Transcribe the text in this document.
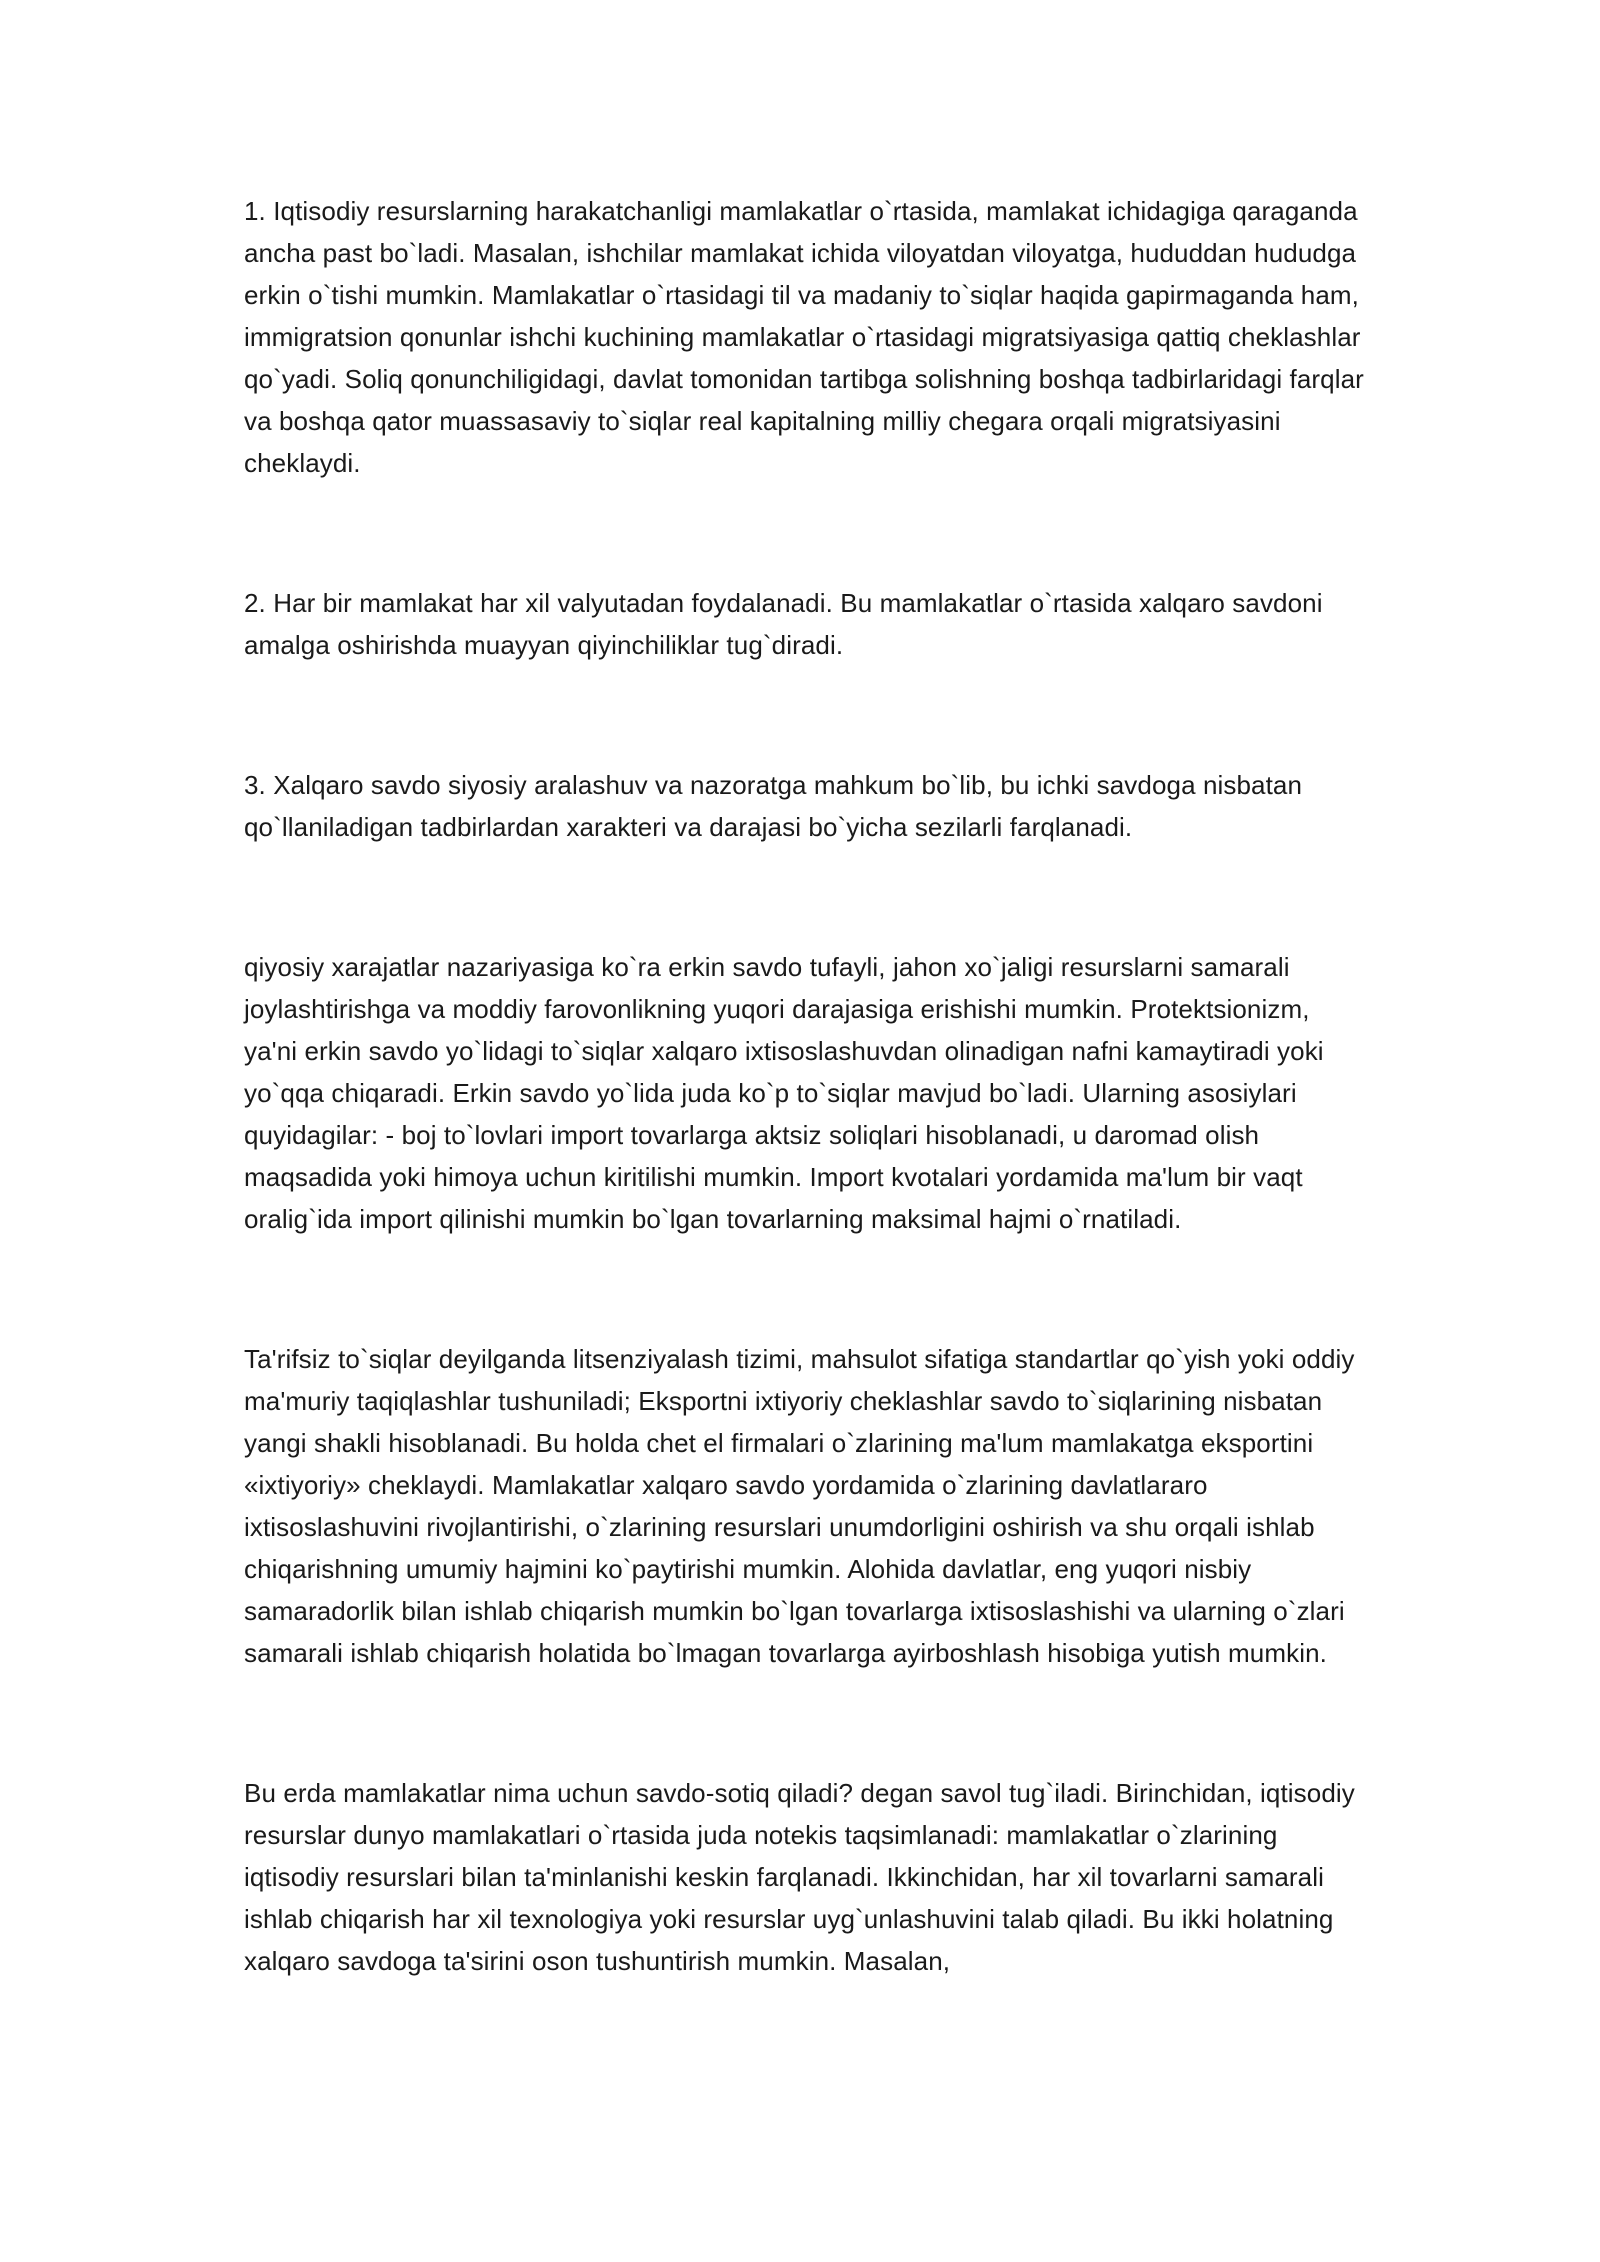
1. Iqtisodiy resurslarning harakatchanligi mamlakatlar o`rtasida, mamlakat ichidagiga qaraganda ancha past bo`ladi. Masalan, ishchilar mamlakat ichida viloyatdan viloyatga, hududdan hududga erkin o`tishi mumkin. Mamlakatlar o`rtasidagi til va madaniy to`siqlar haqida gapirmaganda ham, immigratsion qonunlar ishchi kuchining mamlakatlar o`rtasidagi migratsiyasiga qattiq cheklashlar qo`yadi. Soliq qonunchiligidagi, davlat tomonidan tartibga solishning boshqa tadbirlaridagi farqlar va boshqa qator muassasaviy to`siqlar real kapitalning milliy chegara orqali migratsiyasini cheklaydi.

2. Har bir mamlakat har xil valyutadan foydalanadi. Bu mamlakatlar o`rtasida xalqaro savdoni amalga oshirishda muayyan qiyinchiliklar tug`diradi.

3. Xalqaro savdo siyosiy aralashuv va nazoratga mahkum bo`lib, bu ichki savdoga nisbatan qo`llaniladigan tadbirlardan xarakteri va darajasi bo`yicha sezilarli farqlanadi.

qiyosiy xarajatlar nazariyasiga ko`ra erkin savdo tufayli, jahon xo`jaligi resurslarni samarali joylashtirishga va moddiy farovonlikning yuqori darajasiga erishishi mumkin. Protektsionizm, ya'ni erkin savdo yo`lidagi to`siqlar xalqaro ixtisoslashuvdan olinadigan nafni kamaytiradi yoki yo`qqa chiqaradi. Erkin savdo yo`lida juda ko`p to`siqlar mavjud bo`ladi. Ularning asosiylari quyidagilar: - boj to`lovlari import tovarlarga aktsiz soliqlari hisoblanadi, u daromad olish maqsadida yoki himoya uchun kiritilishi mumkin. Import kvotalari yordamida ma'lum bir vaqt oralig`ida import qilinishi mumkin bo`lgan tovarlarning maksimal hajmi o`rnatiladi.

Ta'rifsiz to`siqlar deyilganda litsenziyalash tizimi, mahsulot sifatiga standartlar qo`yish yoki oddiy ma'muriy taqiqlashlar tushuniladi; Eksportni ixtiyoriy cheklashlar savdo to`siqlarining nisbatan yangi shakli hisoblanadi. Bu holda chet el firmalari o`zlarining ma'lum mamlakatga eksportini «ixtiyoriy» cheklaydi. Mamlakatlar xalqaro savdo yordamida o`zlarining davlatlararo ixtisoslashuvini rivojlantirishi, o`zlarining resurslari unumdorligini oshirish va shu orqali ishlab chiqarishning umumiy hajmini ko`paytirishi mumkin. Alohida davlatlar, eng yuqori nisbiy samaradorlik bilan ishlab chiqarish mumkin bo`lgan tovarlarga ixtisoslashishi va ularning o`zlari samarali ishlab chiqarish holatida bo`lmagan tovarlarga ayirboshlash hisobiga yutish mumkin.

Bu erda mamlakatlar nima uchun savdo-sotiq qiladi? degan savol tug`iladi. Birinchidan, iqtisodiy resurslar dunyo mamlakatlari o`rtasida juda notekis taqsimlanadi: mamlakatlar o`zlarining iqtisodiy resurslari bilan ta'minlanishi keskin farqlanadi. Ikkinchidan, har xil tovarlarni samarali ishlab chiqarish har xil texnologiya yoki resurslar uyg`unlashuvini talab qiladi. Bu ikki holatning xalqaro savdoga ta'sirini oson tushuntirish mumkin. Masalan,
